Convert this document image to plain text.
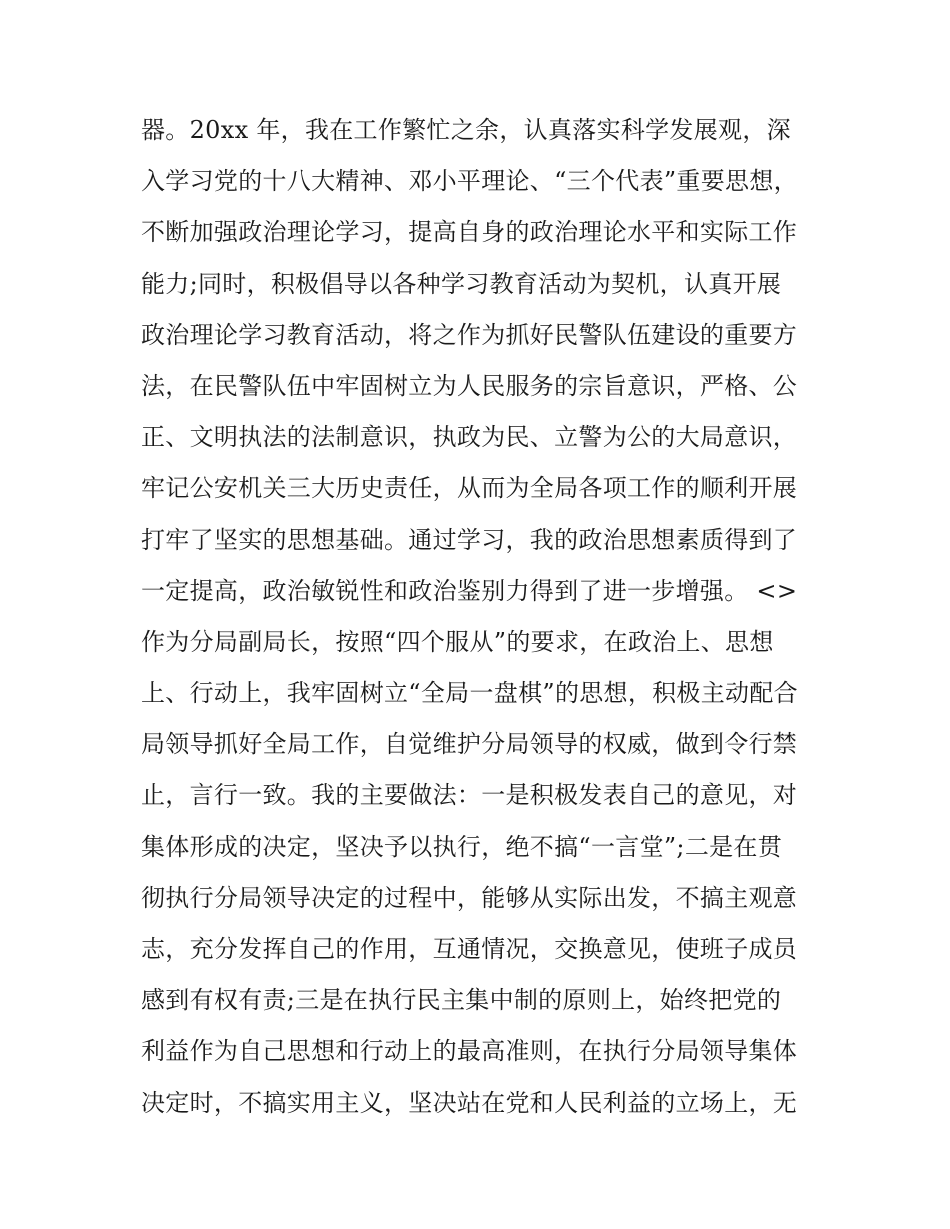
器。20xx 年，我在工作繁忙之余，认真落实科学发展观，深
入学习党的十八大精神、邓小平理论、“三个代表”重要思想，
不断加强政治理论学习，提高自身的政治理论水平和实际工作
能力;同时，积极倡导以各种学习教育活动为契机，认真开展
政治理论学习教育活动，将之作为抓好民警队伍建设的重要方
法，在民警队伍中牢固树立为人民服务的宗旨意识，严格、公
正、文明执法的法制意识，执政为民、立警为公的大局意识，
牢记公安机关三大历史责任，从而为全局各项工作的顺利开展
打牢了坚实的思想基础。通过学习，我的政治思想素质得到了
一定提高，政治敏锐性和政治鉴别力得到了进一步增强。 <>
作为分局副局长，按照“四个服从”的要求，在政治上、思想
上、行动上，我牢固树立“全局一盘棋”的思想，积极主动配合
局领导抓好全局工作，自觉维护分局领导的权威，做到令行禁
止，言行一致。我的主要做法：一是积极发表自己的意见，对
集体形成的决定，坚决予以执行，绝不搞“一言堂”;二是在贯
彻执行分局领导决定的过程中，能够从实际出发，不搞主观意
志，充分发挥自己的作用，互通情况，交换意见，使班子成员
感到有权有责;三是在执行民主集中制的原则上，始终把党的
利益作为自己思想和行动上的最高准则，在执行分局领导集体
决定时，不搞实用主义，坚决站在党和人民利益的立场上，无
